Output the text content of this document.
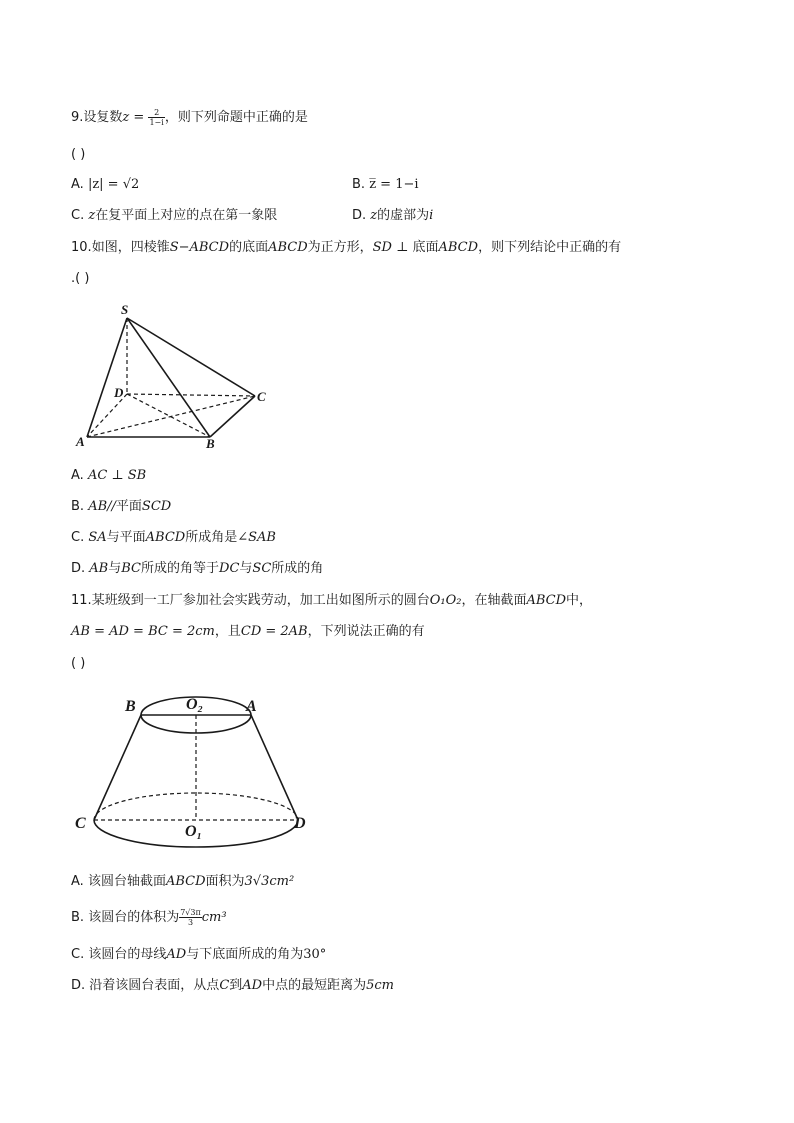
9.设复数$z = \frac{2}{1-i}$ ，则下列命题中正确的是
( )
A. |z| = √2	B. z̅ = 1−i
C. z在复平面上对应的点在第一象限	D. z的虚部为i
10.如图，四棱锥S−ABCD的底面ABCD为正方形，SD ⊥ 底面ABCD，则下列结论中正确的有
.( )
S
D	C
A	B
A. AC ⊥ SB
B. AB//平面SCD
C. SA与平面ABCD所成角是∠SAB
D. AB与BC所成的角等于DC与SC所成的角
11.某班级到一工厂参加社会实践劳动，加工出如图所示的圆台O₁O₂，在轴截面ABCD中，
AB = AD = BC = 2cm，且CD = 2AB，下列说法正确的有
( )
B	A
O₂
C	D
O₁
A. 该圆台轴截面ABCD面积为3√3cm²
B. 该圆台的体积为 $\frac{7√3\pi}{3} cm^3$
C. 该圆台的母线AD与下底面所成的角为30°
D. 沿着该圆台表面，从点C到AD中点的最短距离为5cm
